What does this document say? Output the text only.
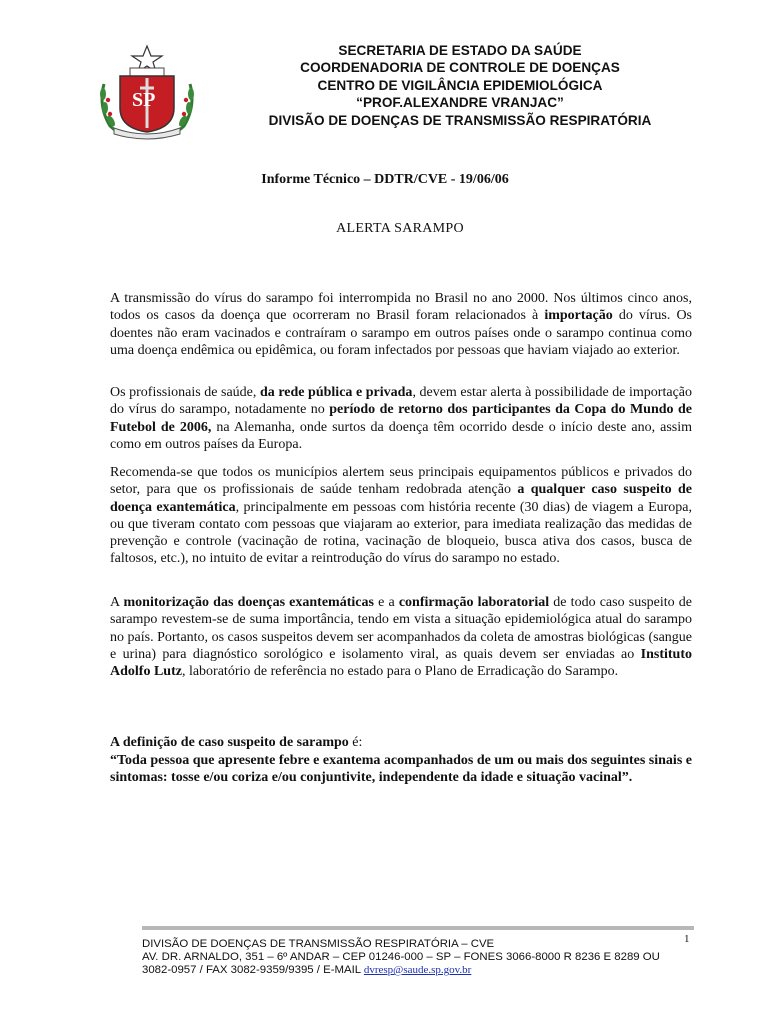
SP
SECRETARIA DE ESTADO DA SAÚDE
COORDENADORIA DE CONTROLE DE DOENÇAS
CENTRO DE VIGILÂNCIA EPIDEMIOLÓGICA
“PROF.ALEXANDRE VRANJAC”
DIVISÃO DE DOENÇAS DE TRANSMISSÃO RESPIRATÓRIA
Informe Técnico – DDTR/CVE - 19/06/06
ALERTA SARAMPO
A transmissão do vírus do sarampo foi interrompida no Brasil no ano 2000. Nos últimos cinco anos, todos os casos da doença que ocorreram no Brasil foram relacionados à importação do vírus. Os doentes não eram vacinados e contraíram o sarampo em outros países onde o sarampo continua como uma doença endêmica ou epidêmica, ou foram infectados por pessoas que haviam viajado ao exterior.
Os profissionais de saúde, da rede pública e privada, devem estar alerta à possibilidade de importação do vírus do sarampo, notadamente no período de retorno dos participantes da Copa do Mundo de Futebol de 2006, na Alemanha, onde surtos da doença têm ocorrido desde o início deste ano, assim como em outros países da Europa.
Recomenda-se que todos os municípios alertem seus principais equipamentos públicos e privados do setor, para que os profissionais de saúde tenham redobrada atenção a qualquer caso suspeito de doença exantemática, principalmente em pessoas com história recente (30 dias) de viagem a Europa, ou que tiveram contato com pessoas que viajaram ao exterior, para imediata realização das medidas de prevenção e controle (vacinação de rotina, vacinação de bloqueio, busca ativa dos casos, busca de faltosos, etc.), no intuito de evitar a reintrodução do vírus do sarampo no estado.
A monitorização das doenças exantemáticas e a confirmação laboratorial de todo caso suspeito de sarampo revestem-se de suma importância, tendo em vista a situação epidemiológica atual do sarampo no país. Portanto, os casos suspeitos devem ser acompanhados da coleta de amostras biológicas (sangue e urina) para diagnóstico sorológico e isolamento viral, as quais devem ser enviadas ao Instituto Adolfo Lutz, laboratório de referência no estado para o Plano de Erradicação do Sarampo.
A definição de caso suspeito de sarampo é:
“Toda pessoa que apresente febre e exantema acompanhados de um ou mais dos seguintes sinais e sintomas: tosse e/ou coriza e/ou conjuntivite, independente da idade e situação vacinal”.
1
DIVISÃO DE DOENÇAS DE TRANSMISSÃO RESPIRATÓRIA – CVE
AV. DR. ARNALDO, 351 – 6º ANDAR – CEP 01246-000 – SP – FONES 3066-8000 R 8236 E 8289 OU
3082-0957 / FAX 3082-9359/9395 / E-MAIL dvresp@saude.sp.gov.br
